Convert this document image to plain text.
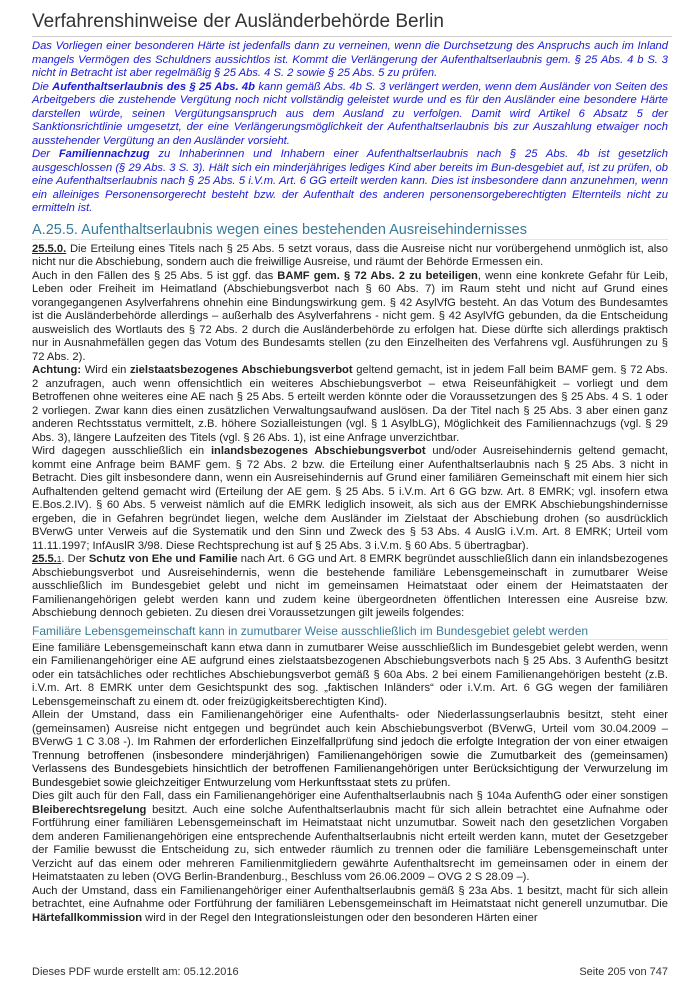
Verfahrenshinweise der Ausländerbehörde Berlin

Das Vorliegen einer besonderen Härte ist jedenfalls dann zu verneinen, wenn die Durchsetzung des Anspruchs auch im Inland mangels Vermögen des Schuldners aussichtlos ist. Kommt die Verlängerung der Aufenthaltserlaubnis gem. § 25 Abs. 4 b S. 3 nicht in Betracht ist aber regelmäßig § 25 Abs. 4 S. 2 sowie § 25 Abs. 5 zu prüfen.

Die Aufenthaltserlaubnis des § 25 Abs. 4b kann gemäß Abs. 4b S. 3 verlängert werden, wenn dem Ausländer von Seiten des Arbeitgebers die zustehende Vergütung noch nicht vollständig geleistet wurde und es für den Ausländer eine besondere Härte darstellen würde, seinen Vergütungsanspruch aus dem Ausland zu verfolgen. Damit wird Artikel 6 Absatz 5 der Sanktionsrichtlinie umgesetzt, der eine Verlängerungsmöglichkeit der Aufenthaltserlaubnis bis zur Auszahlung etwaiger noch ausstehender Vergütung an den Ausländer vorsieht.

Der Familiennachzug zu Inhaberinnen und Inhabern einer Aufenthaltserlaubnis nach § 25 Abs. 4b ist gesetzlich ausgeschlossen (§ 29 Abs. 3 S. 3). Hält sich ein minderjähriges lediges Kind aber bereits im Bun-desgebiet auf, ist zu prüfen, ob eine Aufenthaltserlaubnis nach § 25 Abs. 5 i.V.m. Art. 6 GG erteilt werden kann. Dies ist insbesondere dann anzunehmen, wenn ein alleiniges Personensorgerecht besteht bzw. der Aufenthalt des anderen personensorgeberechtigten Elternteils nicht zu ermitteln ist.

A.25.5. Aufenthaltserlaubnis wegen eines bestehenden Ausreisehindernisses

25.5.0. Die Erteilung eines Titels nach § 25 Abs. 5 setzt voraus, dass die Ausreise nicht nur vorübergehend unmöglich ist, also nicht nur die Abschiebung, sondern auch die freiwillige Ausreise, und räumt der Behörde Ermessen ein.

Auch in den Fällen des § 25 Abs. 5 ist ggf. das BAMF gem. § 72 Abs. 2 zu beteiligen, wenn eine konkrete Gefahr für Leib, Leben oder Freiheit im Heimatland (Abschiebungsverbot nach § 60 Abs. 7) im Raum steht und nicht auf Grund eines vorangegangenen Asylverfahrens ohnehin eine Bindungswirkung gem. § 42 AsylVfG besteht. An das Votum des Bundesamtes ist die Ausländerbehörde allerdings – außerhalb des Asylverfahrens - nicht gem. § 42 AsylVfG gebunden, da die Entscheidung ausweislich des Wortlauts des § 72 Abs. 2 durch die Ausländerbehörde zu erfolgen hat. Diese dürfte sich allerdings praktisch nur in Ausnahmefällen gegen das Votum des Bundesamts stellen (zu den Einzelheiten des Verfahrens vgl. Ausführungen zu § 72 Abs. 2).

Achtung: Wird ein zielstaatsbezogenes Abschiebungsverbot geltend gemacht, ist in jedem Fall beim BAMF gem. § 72 Abs. 2 anzufragen, auch wenn offensichtlich ein weiteres Abschiebungsverbot – etwa Reiseunfähigkeit – vorliegt und dem Betroffenen ohne weiteres eine AE nach § 25 Abs. 5 erteilt werden könnte oder die Voraussetzungen des § 25 Abs. 4 S. 1 oder 2 vorliegen. Zwar kann dies einen zusätzlichen Verwaltungsaufwand auslösen. Da der Titel nach § 25 Abs. 3 aber einen ganz anderen Rechtsstatus vermittelt, z.B. höhere Sozialleistungen (vgl. § 1 AsylbLG), Möglichkeit des Familiennachzugs (vgl. § 29 Abs. 3), längere Laufzeiten des Titels (vgl. § 26 Abs. 1), ist eine Anfrage unverzichtbar.

Wird dagegen ausschließlich ein inlandsbezogenes Abschiebungsverbot und/oder Ausreisehindernis geltend gemacht, kommt eine Anfrage beim BAMF gem. § 72 Abs. 2 bzw. die Erteilung einer Aufenthaltserlaubnis nach § 25 Abs. 3 nicht in Betracht. Dies gilt insbesondere dann, wenn ein Ausreisehindernis auf Grund einer familiären Gemeinschaft mit einem hier sich Aufhaltenden geltend gemacht wird (Erteilung der AE gem. § 25 Abs. 5 i.V.m. Art 6 GG bzw. Art. 8 EMRK; vgl. insofern etwa E.Bos.2.IV). § 60 Abs. 5 verweist nämlich auf die EMRK lediglich insoweit, als sich aus der EMRK Abschiebungshindernisse ergeben, die in Gefahren begründet liegen, welche dem Ausländer im Zielstaat der Abschiebung drohen (so ausdrücklich BVerwG unter Verweis auf die Systematik und den Sinn und Zweck des § 53 Abs. 4 AuslG i.V.m. Art. 8 EMRK; Urteil vom 11.11.1997; InfAuslR 3/98. Diese Rechtsprechung ist auf § 25 Abs. 3 i.V.m. § 60 Abs. 5 übertragbar).

25.5.1. Der Schutz von Ehe und Familie nach Art. 6 GG und Art. 8 EMRK begründet ausschließlich dann ein inlandsbezogenes Abschiebungsverbot und Ausreisehindernis, wenn die bestehende familiäre Lebensgemeinschaft in zumutbarer Weise ausschließlich im Bundesgebiet gelebt und nicht im gemeinsamen Heimatstaat oder einem der Heimatstaaten der Familienangehörigen gelebt werden kann und zudem keine übergeordneten öffentlichen Interessen eine Ausreise bzw. Abschiebung dennoch gebieten. Zu diesen drei Voraussetzungen gilt jeweils folgendes:

Familiäre Lebensgemeinschaft kann in zumutbarer Weise ausschließlich im Bundesgebiet gelebt werden

Eine familiäre Lebensgemeinschaft kann etwa dann in zumutbarer Weise ausschließlich im Bundesgebiet gelebt werden, wenn ein Familienangehöriger eine AE aufgrund eines zielstaatsbezogenen Abschiebungsverbots nach § 25 Abs. 3 AufenthG besitzt oder ein tatsächliches oder rechtliches Abschiebungsverbot gemäß § 60a Abs. 2 bei einem Familienangehörigen besteht (z.B. i.V.m. Art. 8 EMRK unter dem Gesichtspunkt des sog. „faktischen Inländers“ oder i.V.m. Art. 6 GG wegen der familiären Lebensgemeinschaft zu einem dt. oder freizügigkeitsberechtigten Kind).

Allein der Umstand, dass ein Familienangehöriger eine Aufenthalts- oder Niederlassungserlaubnis besitzt, steht einer (gemeinsamen) Ausreise nicht entgegen und begründet auch kein Abschiebungsverbot (BVerwG, Urteil vom 30.04.2009 – BVerwG 1 C 3.08 -). Im Rahmen der erforderlichen Einzelfallprüfung sind jedoch die erfolgte Integration der von einer etwaigen Trennung betroffenen (insbesondere minderjährigen) Familienangehörigen sowie die Zumutbarkeit des (gemeinsamen) Verlassens des Bundesgebiets hinsichtlich der betroffenen Familienangehörigen unter Berücksichtigung der Verwurzelung im Bundesgebiet sowie gleichzeitiger Entwurzelung vom Herkunftsstaat stets zu prüfen.

Dies gilt auch für den Fall, dass ein Familienangehöriger eine Aufenthaltserlaubnis nach § 104a AufenthG oder einer sonstigen Bleiberechtsregelung besitzt. Auch eine solche Aufenthaltserlaubnis macht für sich allein betrachtet eine Aufnahme oder Fortführung einer familiären Lebensgemeinschaft im Heimatstaat nicht unzumutbar. Soweit nach den gesetzlichen Vorgaben dem anderen Familienangehörigen eine entsprechende Aufenthaltserlaubnis nicht erteilt werden kann, mutet der Gesetzgeber der Familie bewusst die Entscheidung zu, sich entweder räumlich zu trennen oder die familiäre Lebensgemeinschaft unter Verzicht auf das einem oder mehreren Familienmitgliedern gewährte Aufenthaltsrecht im gemeinsamen oder in einem der Heimatstaaten zu leben (OVG Berlin-Brandenburg., Beschluss vom 26.06.2009 – OVG 2 S 28.09 –).

Auch der Umstand, dass ein Familienangehöriger einer Aufenthaltserlaubnis gemäß § 23a Abs. 1 besitzt, macht für sich allein betrachtet, eine Aufnahme oder Fortführung der familiären Lebensgemeinschaft im Heimatstaat nicht generell unzumutbar. Die Härtefallkommission wird in der Regel den Integrationsleistungen oder den besonderen Härten einer

Dieses PDF wurde erstellt am: 05.12.2016	Seite 205 von 747
